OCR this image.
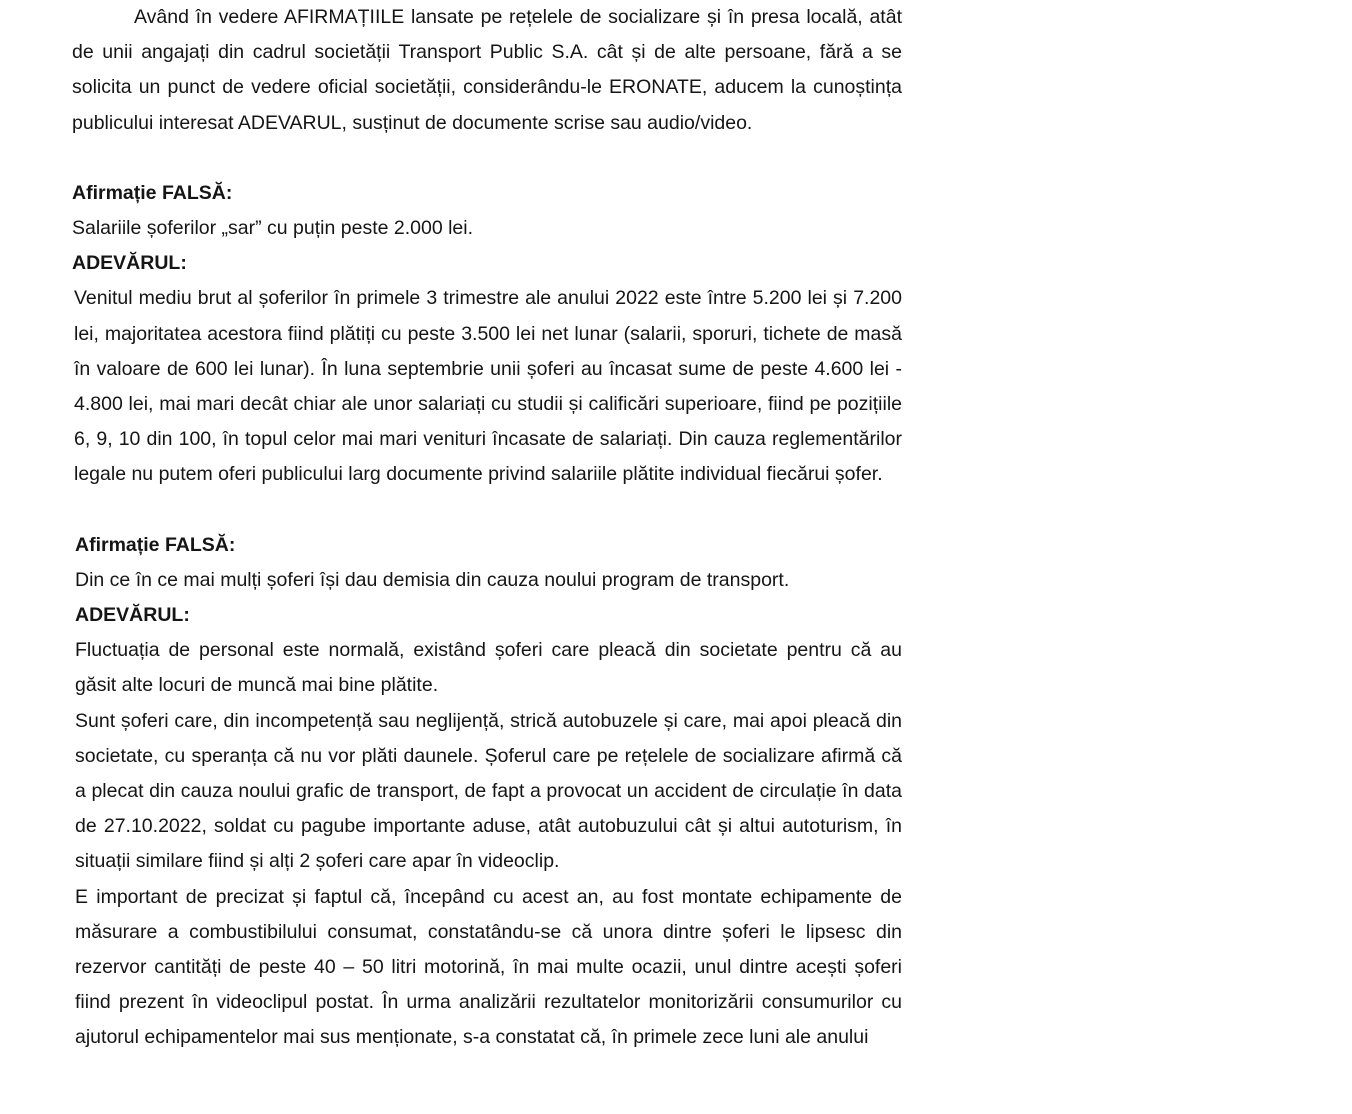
Având în vedere AFIRMAȚIILE lansate pe rețelele de socializare și în presa locală, atât de unii angajați din cadrul societății Transport Public S.A. cât și de alte persoane, fără a se solicita un punct de vedere oficial societății, considerându-le ERONATE, aducem la cunoștința publicului interesat ADEVARUL, susținut de documente scrise sau audio/video.

Afirmație FALSĂ:

Salariile șoferilor „sar” cu puțin peste 2.000 lei.

ADEVĂRUL:

Venitul mediu brut al șoferilor în primele 3 trimestre ale anului 2022 este între 5.200 lei și 7.200 lei, majoritatea acestora fiind plătiți cu peste 3.500 lei net lunar (salarii, sporuri, tichete de masă în valoare de 600 lei lunar). În luna septembrie unii șoferi au încasat sume de peste 4.600 lei - 4.800 lei, mai mari decât chiar ale unor salariați cu studii și calificări superioare, fiind pe pozițiile 6, 9, 10 din 100, în topul celor mai mari venituri încasate de salariați. Din cauza reglementărilor legale nu putem oferi publicului larg documente privind salariile plătite individual fiecărui șofer.

Afirmație FALSĂ:

Din ce în ce mai mulți șoferi își dau demisia din cauza noului program de transport.

ADEVĂRUL:

Fluctuația de personal este normală, existând șoferi care pleacă din societate pentru că au găsit alte locuri de muncă mai bine plătite.

Sunt șoferi care, din incompetență sau neglijență, strică autobuzele și care, mai apoi pleacă din societate, cu speranța că nu vor plăti daunele. Șoferul care pe rețelele de socializare afirmă că a plecat din cauza noului grafic de transport, de fapt a provocat un accident de circulație în data de 27.10.2022, soldat cu pagube importante aduse, atât autobuzului cât și altui autoturism, în situații similare fiind și alți 2 șoferi care apar în videoclip.

E important de precizat și faptul că, începând cu acest an, au fost montate echipamente de măsurare a combustibilului consumat, constatându-se că unora dintre șoferi le lipsesc din rezervor cantități de peste 40 – 50 litri motorină, în mai multe ocazii, unul dintre acești șoferi fiind prezent în videoclipul postat. În urma analizării rezultatelor monitorizării consumurilor cu ajutorul echipamentelor mai sus menționate, s-a constatat că, în primele zece luni ale anului
